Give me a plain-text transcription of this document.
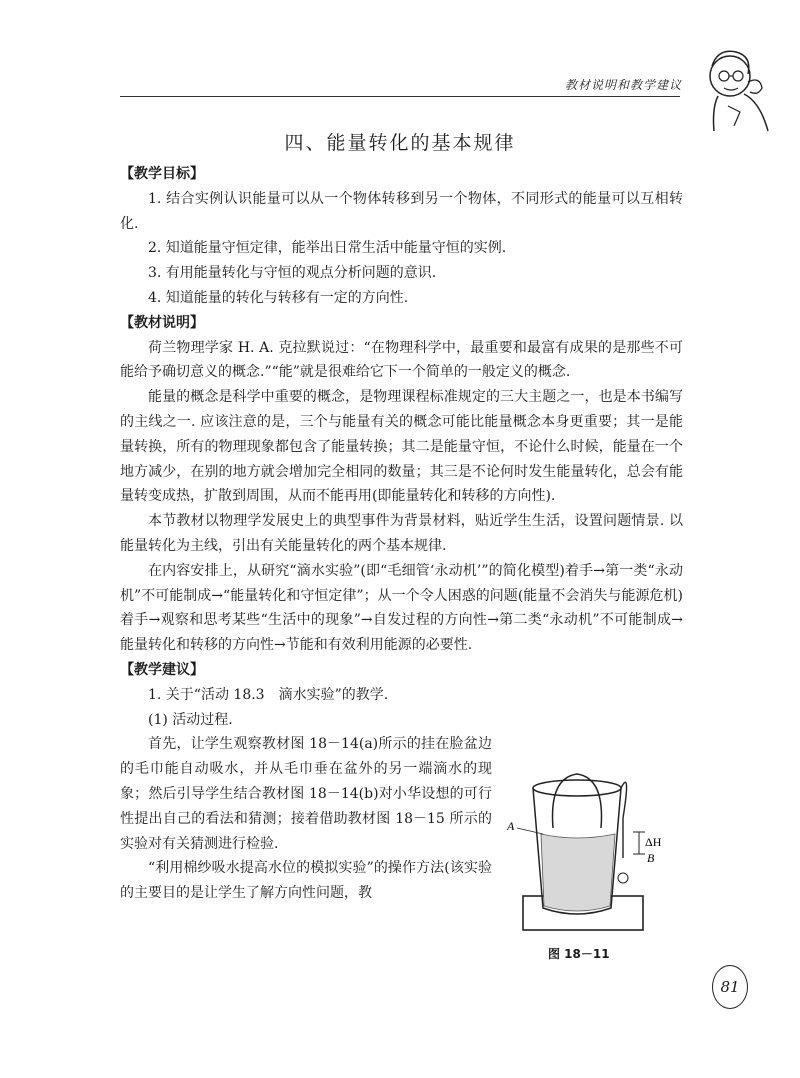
教材说明和教学建议
四、能量转化的基本规律

【教学目标】

1. 结合实例认识能量可以从一个物体转移到另一个物体，不同形式的能量可以互相转化.

2. 知道能量守恒定律，能举出日常生活中能量守恒的实例.

3. 有用能量转化与守恒的观点分析问题的意识.

4. 知道能量的转化与转移有一定的方向性.

【教材说明】

荷兰物理学家 H. A. 克拉默说过：“在物理科学中，最重要和最富有成果的是那些不可能给予确切意义的概念.”“能”就是很难给它下一个简单的一般定义的概念.

能量的概念是科学中重要的概念，是物理课程标准规定的三大主题之一，也是本书编写的主线之一. 应该注意的是，三个与能量有关的概念可能比能量概念本身更重要；其一是能量转换，所有的物理现象都包含了能量转换；其二是能量守恒，不论什么时候，能量在一个地方减少，在别的地方就会增加完全相同的数量；其三是不论何时发生能量转化，总会有能量转变成热，扩散到周围，从而不能再用(即能量转化和转移的方向性).

本节教材以物理学发展史上的典型事件为背景材料，贴近学生生活，设置问题情景. 以能量转化为主线，引出有关能量转化的两个基本规律.

在内容安排上，从研究“滴水实验”(即“毛细管‘永动机’”的简化模型)着手→第一类“永动机”不可能制成→“能量转化和守恒定律”；从一个令人困惑的问题(能量不会消失与能源危机)着手→观察和思考某些“生活中的现象”→自发过程的方向性→第二类“永动机”不可能制成→能量转化和转移的方向性→节能和有效利用能源的必要性.

【教学建议】

1. 关于“活动 18.3　滴水实验”的教学.

(1) 活动过程.

首先，让学生观察教材图 18－14(a)所示的挂在脸盆边的毛巾能自动吸水，并从毛巾垂在盆外的另一端滴水的现象；然后引导学生结合教材图 18－14(b)对小华设想的可行性提出自己的看法和猜测；接着借助教材图 18－15 所示的实验对有关猜测进行检验.

“利用棉纱吸水提高水位的模拟实验”的操作方法(该实验的主要目的是让学生了解方向性问题，教

A
ΔH
B
图 18－11
81
